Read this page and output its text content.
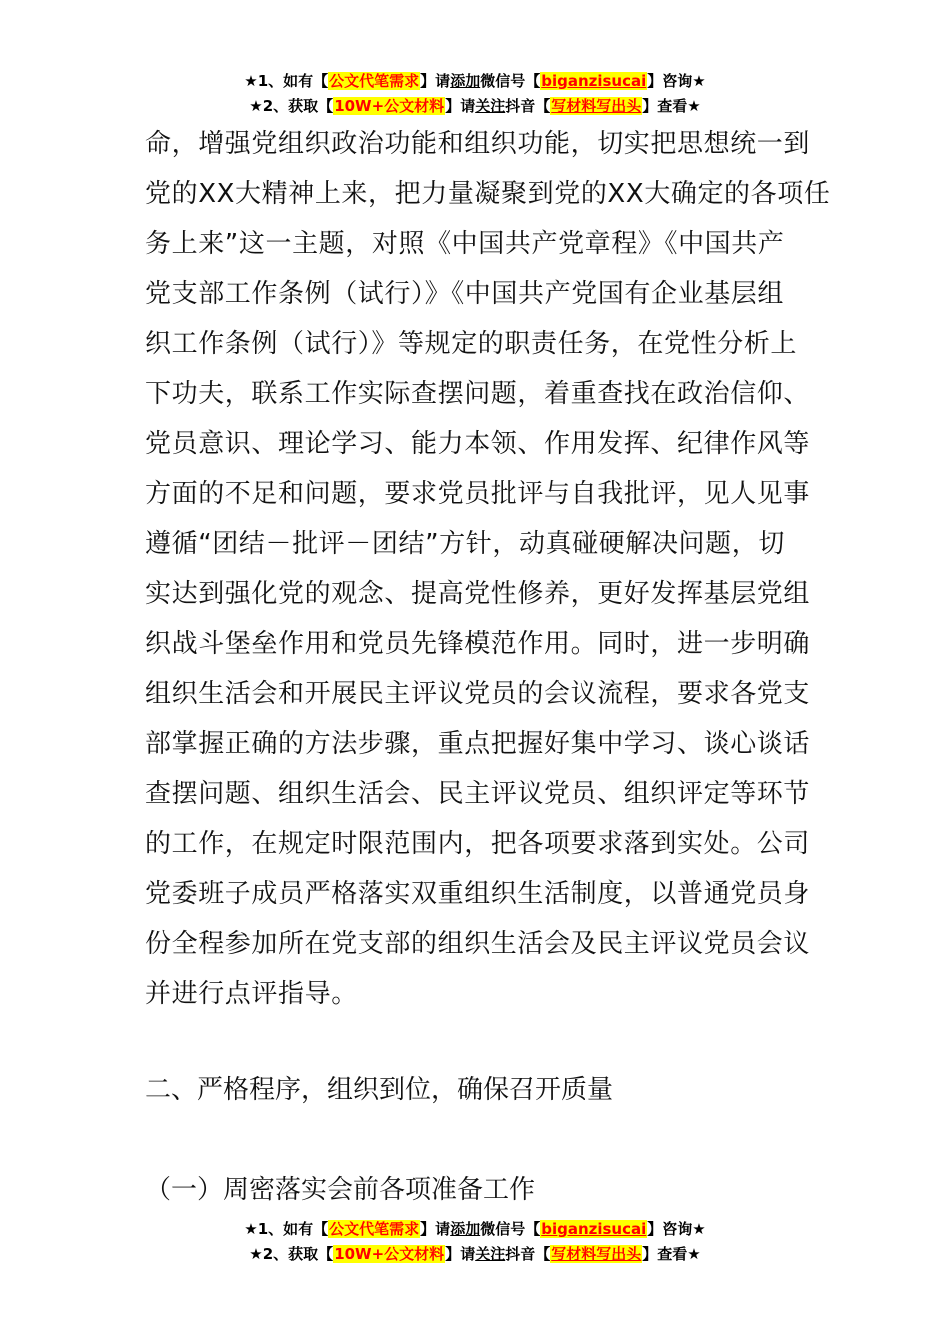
★1、如有【公文代笔需求】请添加微信号【biganzisucai】咨询★
★2、获取【10W+公文材料】请关注抖音【写材料写出头】查看★
命，增强党组织政治功能和组织功能，切实把思想统一到
党的XX大精神上来，把力量凝聚到党的XX大确定的各项任
务上来”这一主题，对照《中国共产党章程》《中国共产
党支部工作条例（试行）》《中国共产党国有企业基层组
织工作条例（试行）》等规定的职责任务，在党性分析上
下功夫，联系工作实际查摆问题，着重查找在政治信仰、
党员意识、理论学习、能力本领、作用发挥、纪律作风等
方面的不足和问题，要求党员批评与自我批评，见人见事
遵循“团结－批评－团结”方针，动真碰硬解决问题，切
实达到强化党的观念、提高党性修养，更好发挥基层党组
织战斗堡垒作用和党员先锋模范作用。同时，进一步明确
组织生活会和开展民主评议党员的会议流程，要求各党支
部掌握正确的方法步骤，重点把握好集中学习、谈心谈话
查摆问题、组织生活会、民主评议党员、组织评定等环节
的工作，在规定时限范围内，把各项要求落到实处。公司
党委班子成员严格落实双重组织生活制度，以普通党员身
份全程参加所在党支部的组织生活会及民主评议党员会议
并进行点评指导。
二、严格程序，组织到位，确保召开质量
（一）周密落实会前各项准备工作
★1、如有【公文代笔需求】请添加微信号【biganzisucai】咨询★
★2、获取【10W+公文材料】请关注抖音【写材料写出头】查看★
